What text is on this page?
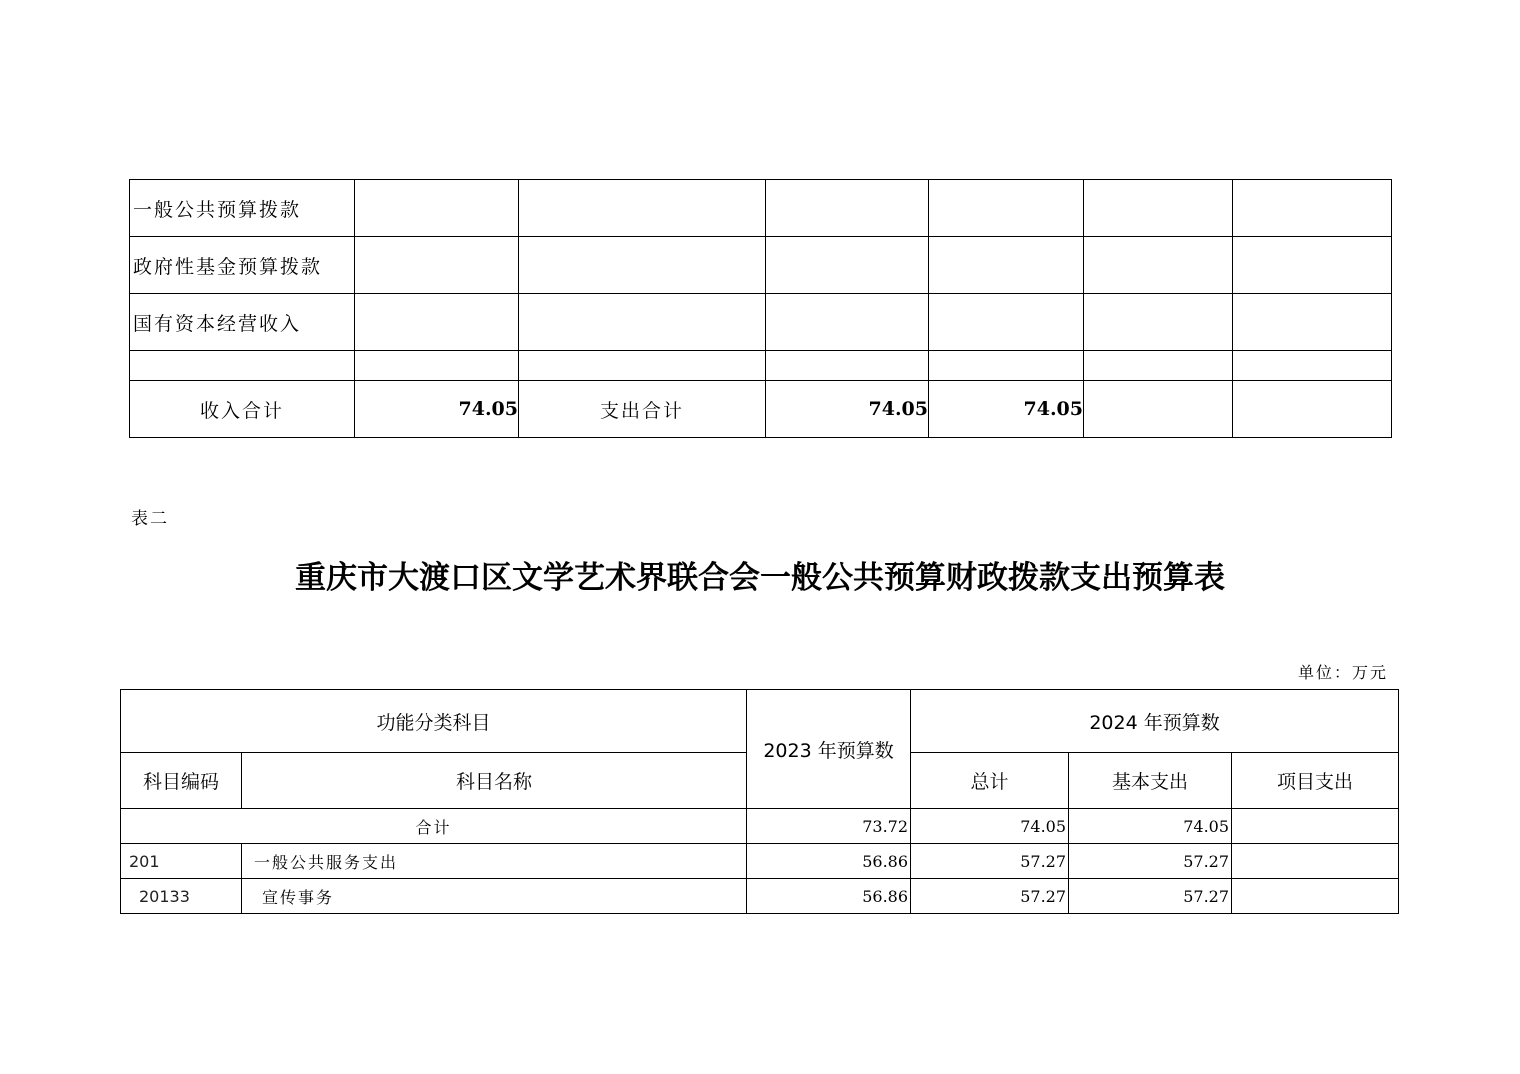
一般公共预算拨款						
政府性基金预算拨款						
国有资本经营收入						

收入合计	74.05	支出合计	74.05	74.05		
表二
重庆市大渡口区文学艺术界联合会一般公共预算财政拨款支出预算表
单位：万元
功能分类科目		2023 年预算数	2024 年预算数		
科目编码	科目名称		总计	基本支出	项目支出
合计		73.72	74.05	74.05	
201	一般公共服务支出	56.86	57.27	57.27	
20133	宣传事务	56.86	57.27	57.27	
